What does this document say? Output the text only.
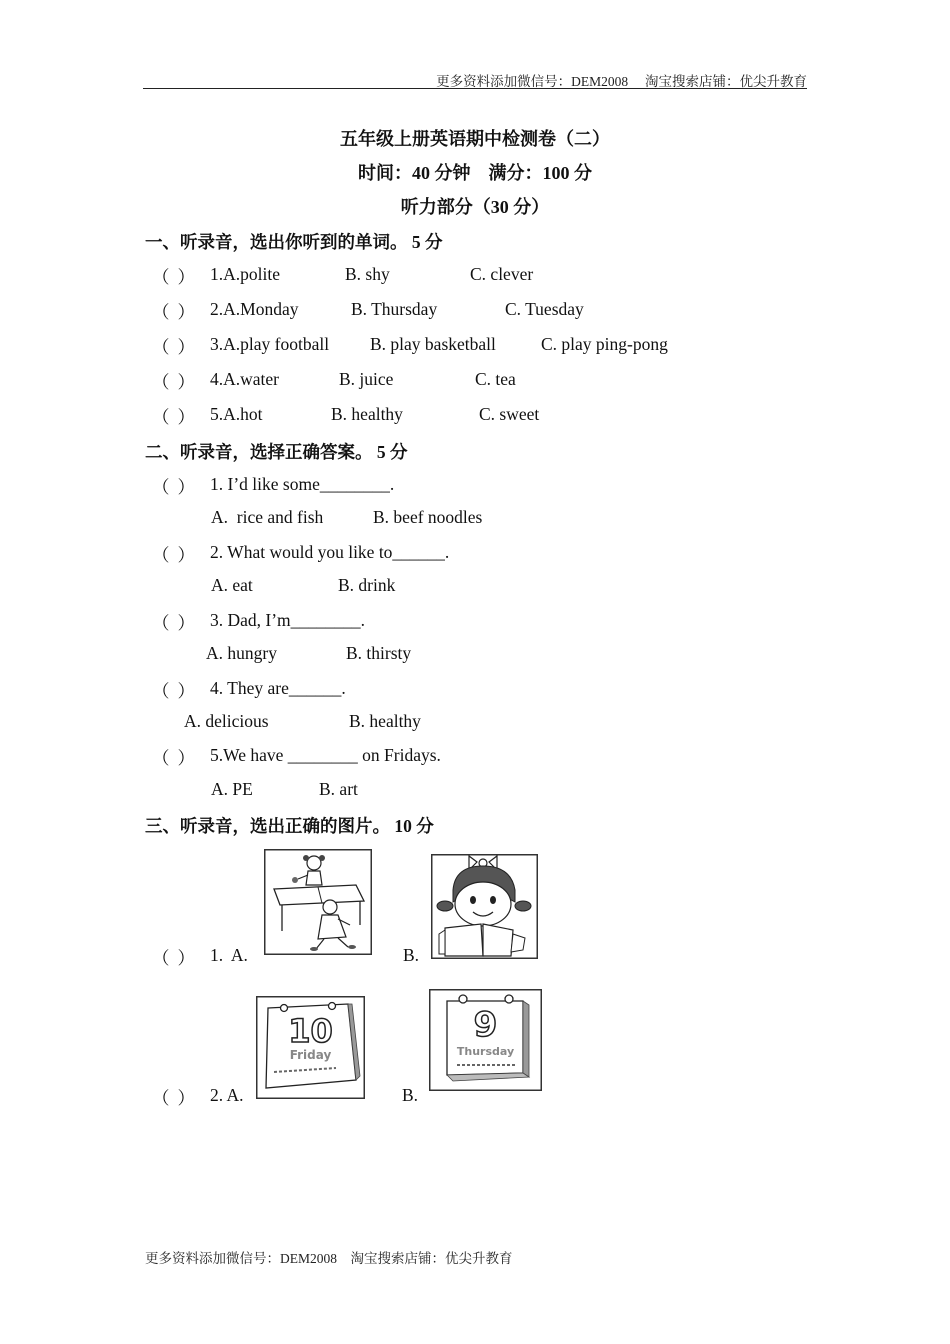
更多资料添加微信号：DEM2008　 淘宝搜索店铺：优尖升教育
五年级上册英语期中检测卷（二）
时间：40 分钟　满分：100 分
听力部分（30 分）
一、听录音，选出你听到的单词。 5 分
（ ） 1.A.polite	B. shy	C. clever
（ ） 2.A.Monday	B. Thursday	C. Tuesday
（ ） 3.A.play football B. play basketball	C. play ping-pong
（ ） 4.A.water	B. juice	C. tea
（ ） 5.A.hot	B. healthy	C. sweet
二、听录音，选择正确答案。 5 分
（ ） 1. I’d like some________.
A.  rice and fish	B. beef noodles
（ ） 2. What would you like to______.
A. eat	B. drink
（ ） 3. Dad, I’m________.
A. hungry	B. thirsty
（ ） 4. They are______.
A. delicious	B. healthy
（ ） 5.We have ________ on Fridays.
A. PE	B. art
三、听录音，选出正确的图片。 10 分
（ ） 1.  A.	B.
（ ） 2. A.	B.
10
Friday
9
Thursday
更多资料添加微信号：DEM2008　淘宝搜索店铺：优尖升教育
